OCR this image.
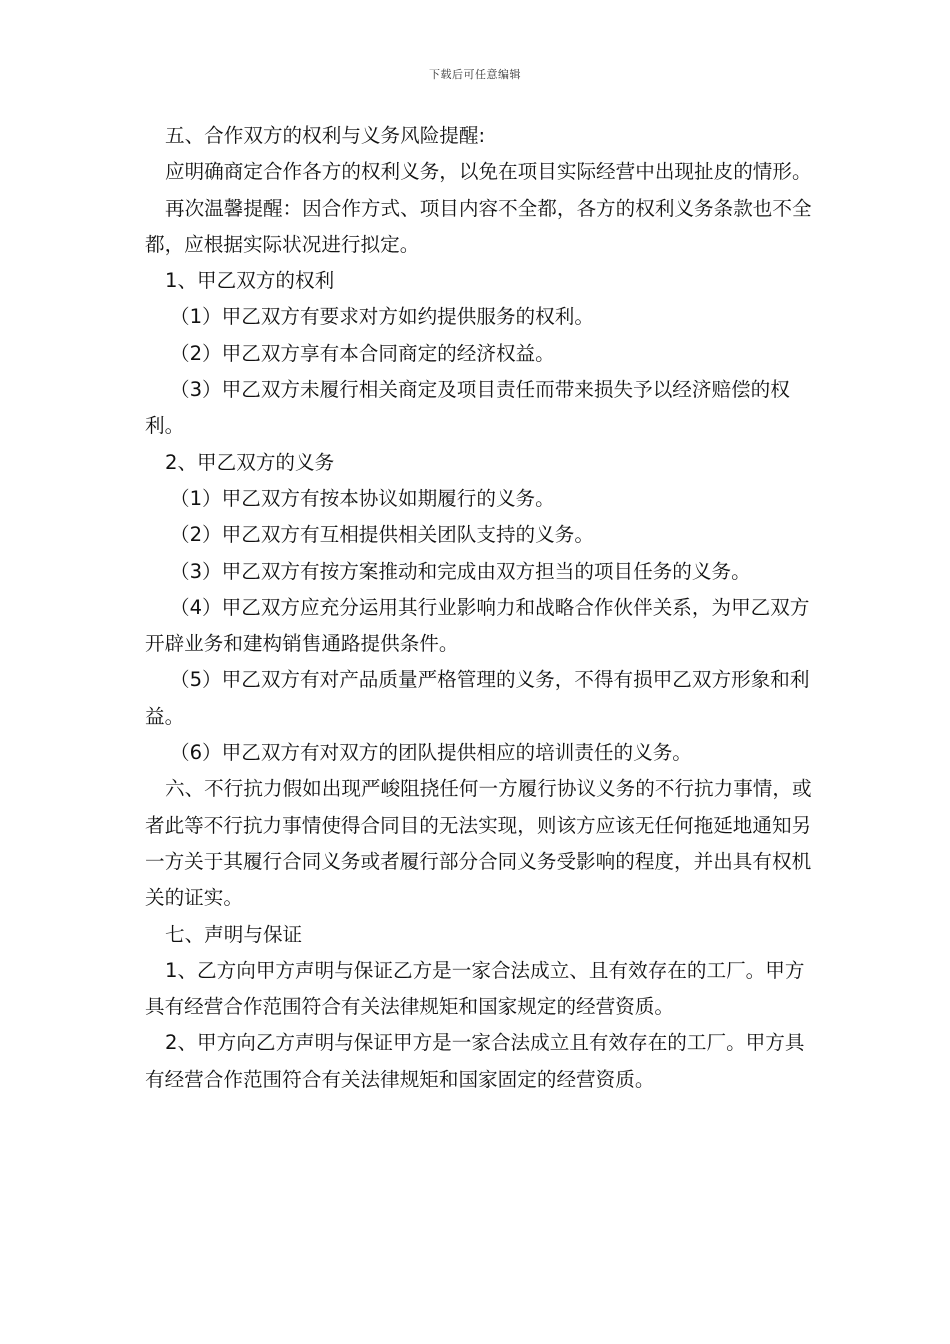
下载后可任意编辑

五、合作双方的权利与义务风险提醒:

应明确商定合作各方的权利义务，以免在项目实际经营中出现扯皮的情形。

再次温馨提醒：因合作方式、项目内容不全都，各方的权利义务条款也不全都，应根据实际状况进行拟定。

1、甲乙双方的权利

（1）甲乙双方有要求对方如约提供服务的权利。

（2）甲乙双方享有本合同商定的经济权益。

（3）甲乙双方未履行相关商定及项目责任而带来损失予以经济赔偿的权利。

2、甲乙双方的义务

（1）甲乙双方有按本协议如期履行的义务。

（2）甲乙双方有互相提供相关团队支持的义务。

（3）甲乙双方有按方案推动和完成由双方担当的项目任务的义务。

（4）甲乙双方应充分运用其行业影响力和战略合作伙伴关系，为甲乙双方开辟业务和建构销售通路提供条件。

（5）甲乙双方有对产品质量严格管理的义务，不得有损甲乙双方形象和利益。

（6）甲乙双方有对双方的团队提供相应的培训责任的义务。

六、不行抗力假如出现严峻阻挠任何一方履行协议义务的不行抗力事情，或者此等不行抗力事情使得合同目的无法实现，则该方应该无任何拖延地通知另一方关于其履行合同义务或者履行部分合同义务受影响的程度，并出具有权机关的证实。

七、声明与保证

1、乙方向甲方声明与保证乙方是一家合法成立、且有效存在的工厂。甲方具有经营合作范围符合有关法律规矩和国家规定的经营资质。

2、甲方向乙方声明与保证甲方是一家合法成立且有效存在的工厂。甲方具有经营合作范围符合有关法律规矩和国家固定的经营资质。
